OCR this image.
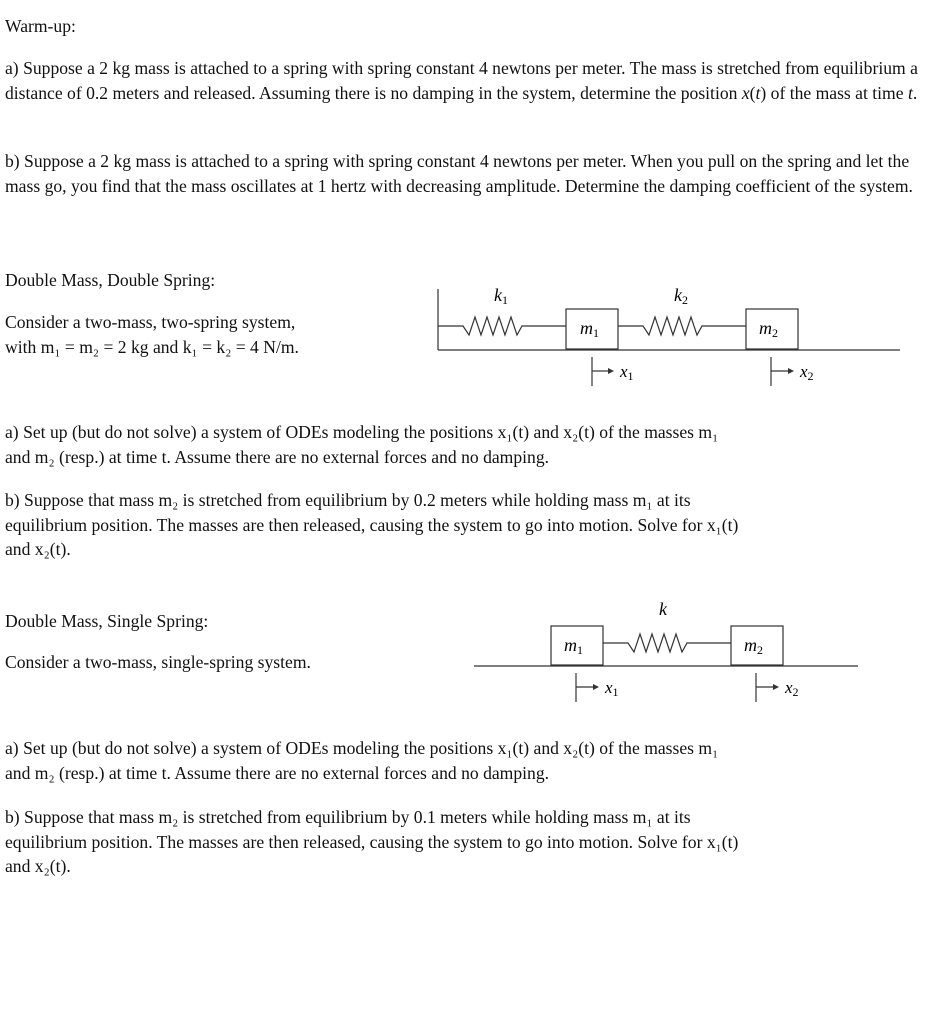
Warm-up:

a) Suppose a 2 kg mass is attached to a spring with spring constant 4 newtons per meter. The mass is stretched from equilibrium a distance of 0.2 meters and released. Assuming there is no damping in the system, determine the position x(t) of the mass at time t.

b) Suppose a 2 kg mass is attached to a spring with spring constant 4 newtons per meter. When you pull on the spring and let the mass go, you find that the mass oscillates at 1 hertz with decreasing amplitude. Determine the damping coefficient of the system.

Double Mass, Double Spring:

Consider a two-mass, two-spring system,

with m₁ = m₂ = 2 kg and k₁ = k₂ = 4 N/m.

k1	k2
m1	m2
x1	x2

a) Set up (but do not solve) a system of ODEs modeling the positions x₁(t) and x₂(t) of the masses m₁

and m₂ (resp.) at time t. Assume there are no external forces and no damping.

b) Suppose that mass m₂ is stretched from equilibrium by 0.2 meters while holding mass m₁ at its

equilibrium position. The masses are then released, causing the system to go into motion. Solve for x₁(t)

and x₂(t).

Double Mass, Single Spring:

Consider a two-mass, single-spring system.

k
m1	m2
x1	x2

a) Set up (but do not solve) a system of ODEs modeling the positions x₁(t) and x₂(t) of the masses m₁

and m₂ (resp.) at time t. Assume there are no external forces and no damping.

b) Suppose that mass m₂ is stretched from equilibrium by 0.1 meters while holding mass m₁ at its

equilibrium position. The masses are then released, causing the system to go into motion. Solve for x₁(t)

and x₂(t).
